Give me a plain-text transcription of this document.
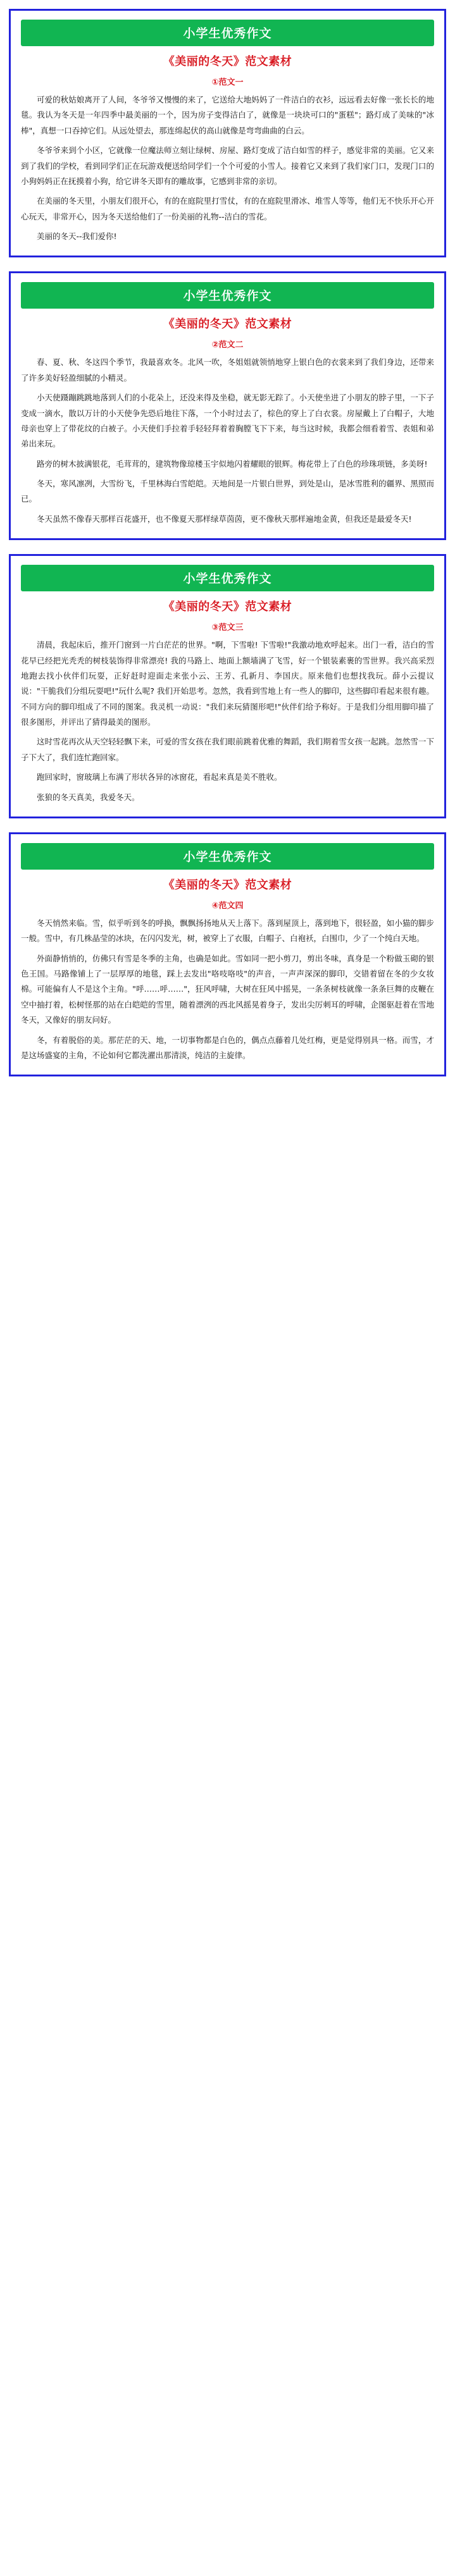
小学生优秀作文
《美丽的冬天》范文素材
①范文一

可爱的秋姑娘离开了人间，冬爷爷又慢慢的来了，它送给大地妈妈了一件洁白的衣衫，远远看去好像一张长长的地毯。我认为冬天是一年四季中最美丽的一个，因为房子变得洁白了，就像是一块块可口的"蛋糕"；路灯成了美味的"冰棒"，真想一口吞掉它们。从远处望去，那连绵起伏的高山就像是弯弯曲曲的白云。

冬爷爷来到个小区，它就像一位魔法师立刻让绿树、房屋、路灯变成了洁白如雪的样子，感觉非常的美丽。它又来到了我们的学校，看到同学们正在玩游戏便送给同学们一个个可爱的小雪人。接着它又来到了我们家门口，发现门口的小狗妈妈正在抚摸着小狗，给它讲冬天即有的雕故事，它感到非常的亲切。

在美丽的冬天里，小朋友们很开心，有的在庭院里打雪仗，有的在庭院里滑冰、堆雪人等等，他们无不快乐开心开心玩天，非常开心，因为冬天送给他们了一份美丽的礼物--洁白的雪花。

美丽的冬天--我们爱你!

小学生优秀作文
《美丽的冬天》范文素材
②范文二

春、夏、秋、冬这四个季节，我最喜欢冬。北风一吹，冬姐姐就领悄地穿上银白色的衣裳来到了我们身边，还带来了许多美好轻盈细腻的小精灵。

小天使蹑蹦跳跳地落到人们的小花朵上，还没来得及坐稳，就无影无踪了。小天使坐进了小朋友的脖子里，一下子变成一滴水，散以万计的小天使争先恐后地往下落，一个小时过去了，棕色的穿上了白衣裳。房屋戴上了白帽子，大地母亲也穿上了带花纹的白被子。小天使们手拉着手轻轻拜着着胸膛飞下下来，每当这时候，我都会细看着雪、表姐和弟弟出来玩。

路旁的树木披满银花，毛茸茸的，建筑物像琼楼玉宇似地闪着耀眼的银辉。梅花带上了白色的珍珠项链，多美呀!

冬天，寒风凛冽，大雪纷飞，千里林海白雪皑皑。天地间是一片银白世界，到处是山，是冰雪胜利的疆界、黑照而已。

冬天虽然不像春天那样百花盛开，也不像夏天那样绿草茵茵，更不像秋天那样遍地金黄，但我还是最爱冬天!

小学生优秀作文
《美丽的冬天》范文素材
③范文三

清晨，我起床后，推开门窗到一片白茫茫的世界。"啊，下雪啦! 下雪啦!"我激动地欢呼起来。出门一看，洁白的雪花早已经把光秃秃的树枝装饰得非常漂亮! 我的马路上、地面上额墙满了飞雪，好一个银装素裹的雪世界。我兴高采烈地跑去找小伙伴们玩耍，正好赶时迎面走来张小云、王芳、孔新月、李国庆。原来他们也想找我玩。薛小云提议说："干脆我们分组玩耍吧!"玩什么呢? 我们开始思考。忽然，我看到雪地上有一些人的脚印，这些脚印看起来很有趣。不同方向的脚印组成了不同的图案。我灵机一动说："我们来玩猜图形吧!"伙伴们给予称好。于是我们分组用脚印描了很多图形，并评出了猜得最美的图形。

这时雪花再次从天空轻轻飘下来，可爱的雪女孩在我们眼前跳着优雅的舞蹈，我们期着雪女孩一起跳。忽然雪一下子下大了，我们连忙跑回家。

跑回家时，窗玻璃上布满了形状各异的冰窗花，看起来真是美不胜收。

张狼的冬天真美，我爱冬天。

小学生优秀作文
《美丽的冬天》范文素材
④范文四

冬天悄然来临。雪，似乎听到冬的呼换，飘飘扬扬地从天上落下。落到屋顶上，落到地下，很轻盈，如小猫的脚步一般。雪中，有几株晶莹的冰块，在闪闪发光，树，被穿上了衣服，白帽子、白袍袄，白围巾，少了一个纯白天地。

外面静悄悄的，仿佛只有雪是冬季的主角，也确是如此。雪如同一把小剪刀，剪出冬味，真身是一个粉做玉砌的银色王国。马路像铺上了一层厚厚的地毯，踩上去发出"咯吱咯吱"的声音，一声声深深的脚印，交错着留在冬的少女妆棉。可能偏有人不是这个主角。"呼……呼……"，狂风呼啸，大树在狂风中摇晃，一条条树枝就像一条条巨舞的皮鞭在空中抽打着，松树怪那的站在白皑皑的雪里，随着漂洌的西北风摇晃着身子，发出尖厉刺耳的呼啸，企图驱赶着在雪地冬天，又像好的朋友问好。

冬，有着脱俗的美。那茫茫的天、地，一切事物都是白色的，偶点点藤着几处红梅，更是觉得别具一格。而雪，才是这场盛宴的主角，不论如何它都洗濯出那清淡，纯洁的主旋律。
